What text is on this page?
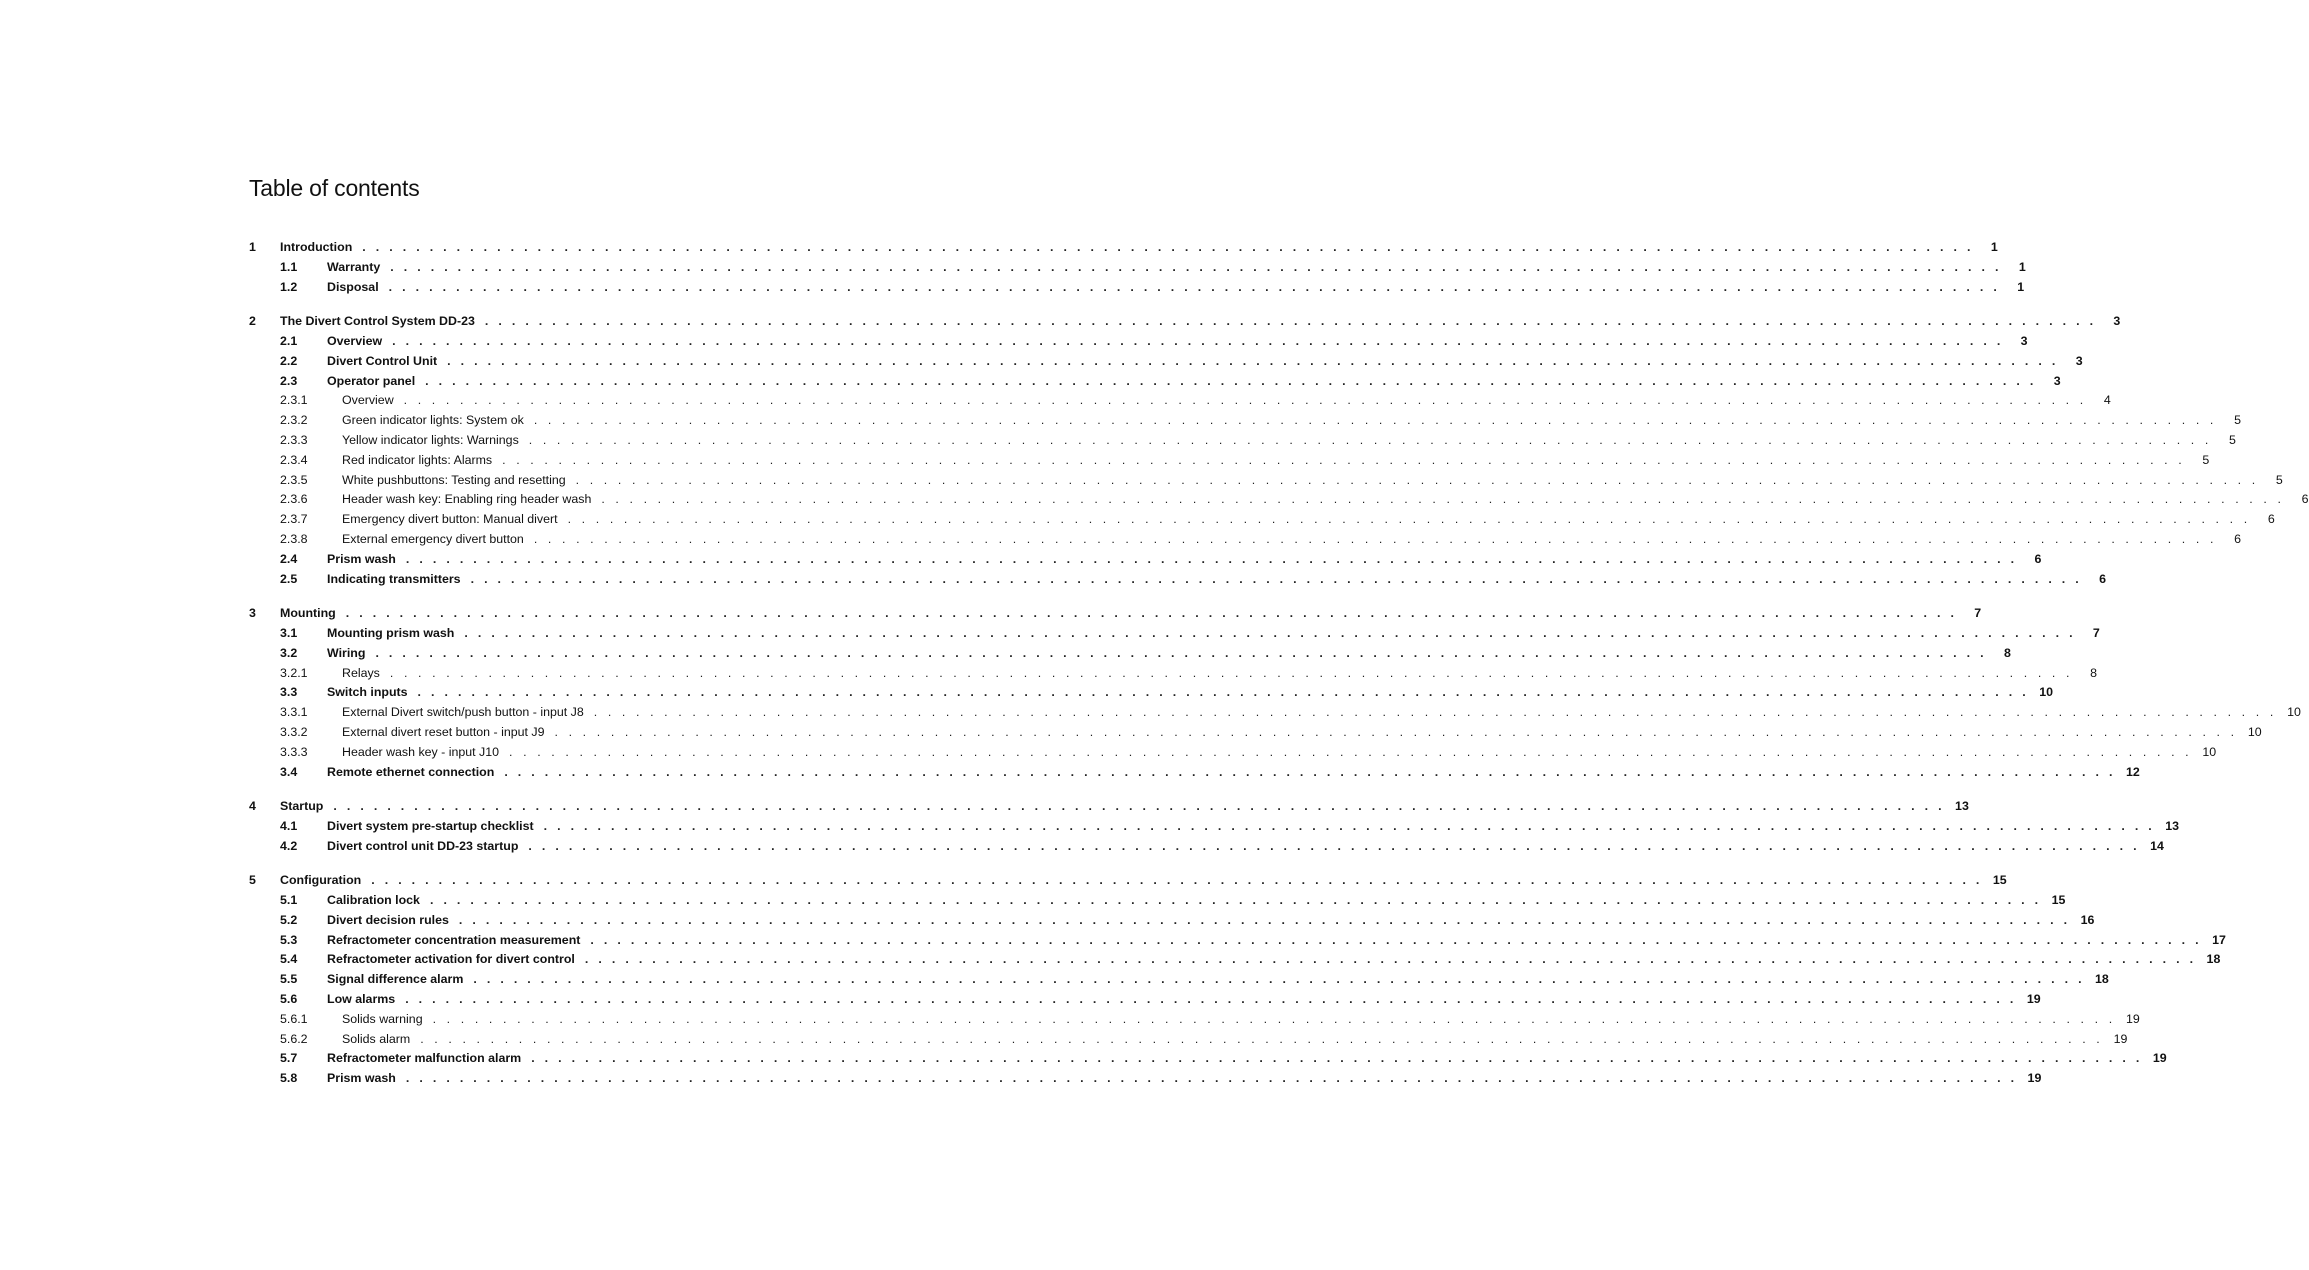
Table of contents
1	Introduction . . . . . . . . . . . . . . . . . . . . . . . . . . . . . . . . . . . . . . . . . . . . . . . . . . . . . . . . . . . . . . . . . . . . . . . . . . . . . . . . . . . . . . . . . . . . . . . . . . . . . . . . . . . . . . . . . . . . . . . .	1
1.1	Warranty . . . . . . . . . . . . . . . . . . . . . . . . . . . . . . . . . . . . . . . . . . . . . . . . . . . . . . . . . . . . . . . . . . . . . . . . . . . . . . . . . . . . . . . . . . . . . . . . . . . . . . . . . . . . . . . . . . . . . . . .	1
1.2	Disposal . . . . . . . . . . . . . . . . . . . . . . . . . . . . . . . . . . . . . . . . . . . . . . . . . . . . . . . . . . . . . . . . . . . . . . . . . . . . . . . . . . . . . . . . . . . . . . . . . . . . . . . . . . . . . . . . . . . . . . . .	1
2	The Divert Control System DD-23 . . . . . . . . . . . . . . . . . . . . . . . . . . . . . . . . . . . . . . . . . . . . . . . . . . . . . . . . . . . . . . . . . . . . . . . . . . . . . . . . . . . . . . . . . . . . . . . . . . . . . . . . . . . . . . . . . . . . . . . .	3
2.1	Overview . . . . . . . . . . . . . . . . . . . . . . . . . . . . . . . . . . . . . . . . . . . . . . . . . . . . . . . . . . . . . . . . . . . . . . . . . . . . . . . . . . . . . . . . . . . . . . . . . . . . . . . . . . . . . . . . . . . . . . . .	3
2.2	Divert Control Unit . . . . . . . . . . . . . . . . . . . . . . . . . . . . . . . . . . . . . . . . . . . . . . . . . . . . . . . . . . . . . . . . . . . . . . . . . . . . . . . . . . . . . . . . . . . . . . . . . . . . . . . . . . . . . . . . . . . . . . . .	3
2.3	Operator panel . . . . . . . . . . . . . . . . . . . . . . . . . . . . . . . . . . . . . . . . . . . . . . . . . . . . . . . . . . . . . . . . . . . . . . . . . . . . . . . . . . . . . . . . . . . . . . . . . . . . . . . . . . . . . . . . . . . . . . . .	3
2.3.1	Overview . . . . . . . . . . . . . . . . . . . . . . . . . . . . . . . . . . . . . . . . . . . . . . . . . . . . . . . . . . . . . . . . . . . . . . . . . . . . . . . . . . . . . . . . . . . . . . . . . . . . . . . . . . . . . . . . . . . . . . . .	4
2.3.2	Green indicator lights: System ok . . . . . . . . . . . . . . . . . . . . . . . . . . . . . . . . . . . . . . . . . . . . . . . . . . . . . . . . . . . . . . . . . . . . . . . . . . . . . . . . . . . . . . . . . . . . . . . . . . . . . . . . . . . . . . . . . . . . . . . .	5
2.3.3	Yellow indicator lights: Warnings . . . . . . . . . . . . . . . . . . . . . . . . . . . . . . . . . . . . . . . . . . . . . . . . . . . . . . . . . . . . . . . . . . . . . . . . . . . . . . . . . . . . . . . . . . . . . . . . . . . . . . . . . . . . . . . . . . . . . . . .	5
2.3.4	Red indicator lights: Alarms . . . . . . . . . . . . . . . . . . . . . . . . . . . . . . . . . . . . . . . . . . . . . . . . . . . . . . . . . . . . . . . . . . . . . . . . . . . . . . . . . . . . . . . . . . . . . . . . . . . . . . . . . . . . . . . . . . . . . . . .	5
2.3.5	White pushbuttons: Testing and resetting . . . . . . . . . . . . . . . . . . . . . . . . . . . . . . . . . . . . . . . . . . . . . . . . . . . . . . . . . . . . . . . . . . . . . . . . . . . . . . . . . . . . . . . . . . . . . . . . . . . . . . . . . . . . . . . . . . . . . . . .	5
2.3.6	Header wash key: Enabling ring header wash . . . . . . . . . . . . . . . . . . . . . . . . . . . . . . . . . . . . . . . . . . . . . . . . . . . . . . . . . . . . . . . . . . . . . . . . . . . . . . . . . . . . . . . . . . . . . . . . . . . . . . . . . . . . . . . . . . . . . . . .	6
2.3.7	Emergency divert button: Manual divert . . . . . . . . . . . . . . . . . . . . . . . . . . . . . . . . . . . . . . . . . . . . . . . . . . . . . . . . . . . . . . . . . . . . . . . . . . . . . . . . . . . . . . . . . . . . . . . . . . . . . . . . . . . . . . . . . . . . . . . .	6
2.3.8	External emergency divert button . . . . . . . . . . . . . . . . . . . . . . . . . . . . . . . . . . . . . . . . . . . . . . . . . . . . . . . . . . . . . . . . . . . . . . . . . . . . . . . . . . . . . . . . . . . . . . . . . . . . . . . . . . . . . . . . . . . . . . . .	6
2.4	Prism wash . . . . . . . . . . . . . . . . . . . . . . . . . . . . . . . . . . . . . . . . . . . . . . . . . . . . . . . . . . . . . . . . . . . . . . . . . . . . . . . . . . . . . . . . . . . . . . . . . . . . . . . . . . . . . . . . . . . . . . . .	6
2.5	Indicating transmitters . . . . . . . . . . . . . . . . . . . . . . . . . . . . . . . . . . . . . . . . . . . . . . . . . . . . . . . . . . . . . . . . . . . . . . . . . . . . . . . . . . . . . . . . . . . . . . . . . . . . . . . . . . . . . . . . . . . . . . . .	6
3	Mounting . . . . . . . . . . . . . . . . . . . . . . . . . . . . . . . . . . . . . . . . . . . . . . . . . . . . . . . . . . . . . . . . . . . . . . . . . . . . . . . . . . . . . . . . . . . . . . . . . . . . . . . . . . . . . . . . . . . . . . . .	7
3.1	Mounting prism wash . . . . . . . . . . . . . . . . . . . . . . . . . . . . . . . . . . . . . . . . . . . . . . . . . . . . . . . . . . . . . . . . . . . . . . . . . . . . . . . . . . . . . . . . . . . . . . . . . . . . . . . . . . . . . . . . . . . . . . . .	7
3.2	Wiring . . . . . . . . . . . . . . . . . . . . . . . . . . . . . . . . . . . . . . . . . . . . . . . . . . . . . . . . . . . . . . . . . . . . . . . . . . . . . . . . . . . . . . . . . . . . . . . . . . . . . . . . . . . . . . . . . . . . . . . .	8
3.2.1	Relays . . . . . . . . . . . . . . . . . . . . . . . . . . . . . . . . . . . . . . . . . . . . . . . . . . . . . . . . . . . . . . . . . . . . . . . . . . . . . . . . . . . . . . . . . . . . . . . . . . . . . . . . . . . . . . . . . . . . . . . .	8
3.3	Switch inputs . . . . . . . . . . . . . . . . . . . . . . . . . . . . . . . . . . . . . . . . . . . . . . . . . . . . . . . . . . . . . . . . . . . . . . . . . . . . . . . . . . . . . . . . . . . . . . . . . . . . . . . . . . . . . . . . . . . . . . . . 10
3.3.1	External Divert switch/push button - input J8 . . . . . . . . . . . . . . . . . . . . . . . . . . . . . . . . . . . . . . . . . . . . . . . . . . . . . . . . . . . . . . . . . . . . . . . . . . . . . . . . . . . . . . . . . . . . . . . . . . . . . . . . . . . . . . . . . . . . . . . . 10
3.3.2	External divert reset button - input J9 . . . . . . . . . . . . . . . . . . . . . . . . . . . . . . . . . . . . . . . . . . . . . . . . . . . . . . . . . . . . . . . . . . . . . . . . . . . . . . . . . . . . . . . . . . . . . . . . . . . . . . . . . . . . . . . . . . . . . . . . 10
3.3.3	Header wash key - input J10 . . . . . . . . . . . . . . . . . . . . . . . . . . . . . . . . . . . . . . . . . . . . . . . . . . . . . . . . . . . . . . . . . . . . . . . . . . . . . . . . . . . . . . . . . . . . . . . . . . . . . . . . . . . . . . . . . . . . . . . . 10
3.4	Remote ethernet connection . . . . . . . . . . . . . . . . . . . . . . . . . . . . . . . . . . . . . . . . . . . . . . . . . . . . . . . . . . . . . . . . . . . . . . . . . . . . . . . . . . . . . . . . . . . . . . . . . . . . . . . . . . . . . . . . . . . . . . . . 12
4	Startup . . . . . . . . . . . . . . . . . . . . . . . . . . . . . . . . . . . . . . . . . . . . . . . . . . . . . . . . . . . . . . . . . . . . . . . . . . . . . . . . . . . . . . . . . . . . . . . . . . . . . . . . . . . . . . . . . . . . . . . . 13
4.1	Divert system pre-startup checklist . . . . . . . . . . . . . . . . . . . . . . . . . . . . . . . . . . . . . . . . . . . . . . . . . . . . . . . . . . . . . . . . . . . . . . . . . . . . . . . . . . . . . . . . . . . . . . . . . . . . . . . . . . . . . . . . . . . . . . . . 13
4.2	Divert control unit DD-23 startup . . . . . . . . . . . . . . . . . . . . . . . . . . . . . . . . . . . . . . . . . . . . . . . . . . . . . . . . . . . . . . . . . . . . . . . . . . . . . . . . . . . . . . . . . . . . . . . . . . . . . . . . . . . . . . . . . . . . . . . . 14
5	Configuration . . . . . . . . . . . . . . . . . . . . . . . . . . . . . . . . . . . . . . . . . . . . . . . . . . . . . . . . . . . . . . . . . . . . . . . . . . . . . . . . . . . . . . . . . . . . . . . . . . . . . . . . . . . . . . . . . . . . . . . . 15
5.1	Calibration lock . . . . . . . . . . . . . . . . . . . . . . . . . . . . . . . . . . . . . . . . . . . . . . . . . . . . . . . . . . . . . . . . . . . . . . . . . . . . . . . . . . . . . . . . . . . . . . . . . . . . . . . . . . . . . . . . . . . . . . . . 15
5.2	Divert decision rules . . . . . . . . . . . . . . . . . . . . . . . . . . . . . . . . . . . . . . . . . . . . . . . . . . . . . . . . . . . . . . . . . . . . . . . . . . . . . . . . . . . . . . . . . . . . . . . . . . . . . . . . . . . . . . . . . . . . . . . . 16
5.3	Refractometer concentration measurement . . . . . . . . . . . . . . . . . . . . . . . . . . . . . . . . . . . . . . . . . . . . . . . . . . . . . . . . . . . . . . . . . . . . . . . . . . . . . . . . . . . . . . . . . . . . . . . . . . . . . . . . . . . . . . . . . . . . . . . . 17
5.4	Refractometer activation for divert control . . . . . . . . . . . . . . . . . . . . . . . . . . . . . . . . . . . . . . . . . . . . . . . . . . . . . . . . . . . . . . . . . . . . . . . . . . . . . . . . . . . . . . . . . . . . . . . . . . . . . . . . . . . . . . . . . . . . . . . . 18
5.5	Signal difference alarm . . . . . . . . . . . . . . . . . . . . . . . . . . . . . . . . . . . . . . . . . . . . . . . . . . . . . . . . . . . . . . . . . . . . . . . . . . . . . . . . . . . . . . . . . . . . . . . . . . . . . . . . . . . . . . . . . . . . . . . . 18
5.6	Low alarms . . . . . . . . . . . . . . . . . . . . . . . . . . . . . . . . . . . . . . . . . . . . . . . . . . . . . . . . . . . . . . . . . . . . . . . . . . . . . . . . . . . . . . . . . . . . . . . . . . . . . . . . . . . . . . . . . . . . . . . . 19
5.6.1	Solids warning . . . . . . . . . . . . . . . . . . . . . . . . . . . . . . . . . . . . . . . . . . . . . . . . . . . . . . . . . . . . . . . . . . . . . . . . . . . . . . . . . . . . . . . . . . . . . . . . . . . . . . . . . . . . . . . . . . . . . . . . 19
5.6.2	Solids alarm . . . . . . . . . . . . . . . . . . . . . . . . . . . . . . . . . . . . . . . . . . . . . . . . . . . . . . . . . . . . . . . . . . . . . . . . . . . . . . . . . . . . . . . . . . . . . . . . . . . . . . . . . . . . . . . . . . . . . . . . 19
5.7	Refractometer malfunction alarm . . . . . . . . . . . . . . . . . . . . . . . . . . . . . . . . . . . . . . . . . . . . . . . . . . . . . . . . . . . . . . . . . . . . . . . . . . . . . . . . . . . . . . . . . . . . . . . . . . . . . . . . . . . . . . . . . . . . . . . . 19
5.8	Prism wash . . . . . . . . . . . . . . . . . . . . . . . . . . . . . . . . . . . . . . . . . . . . . . . . . . . . . . . . . . . . . . . . . . . . . . . . . . . . . . . . . . . . . . . . . . . . . . . . . . . . . . . . . . . . . . . . . . . . . . . . 19
